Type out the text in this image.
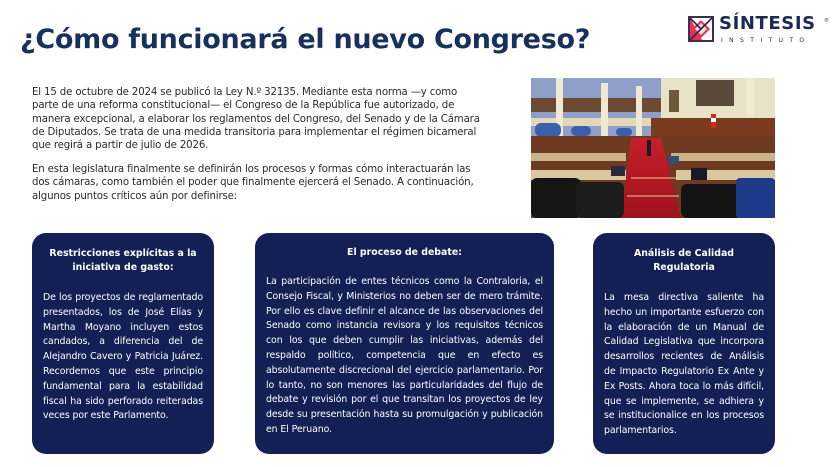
¿Cómo funcionará el nuevo Congreso?
SÍNTESIS ®
INSTITUTO

El 15 de octubre de 2024 se publicó la Ley N.º 32135. Mediante esta norma —y como parte de una reforma constitucional— el Congreso de la República fue autorizado, de manera excepcional, a elaborar los reglamentos del Congreso, del Senado y de la Cámara de Diputados. Se trata de una medida transitoria para implementar el régimen bicameral que regirá a partir de julio de 2026.

En esta legislatura finalmente se definirán los procesos y formas cómo interactuarán las dos cámaras, como también el poder que finalmente ejercerá el Senado. A continuación, algunos puntos críticos aún por definirse:

Restricciones explícitas a la iniciativa de gasto:
De los proyectos de reglamentado presentados, los de José Elías y Martha Moyano incluyen estos candados, a diferencia del de Alejandro Cavero y Patricia Juárez. Recordemos que este principio fundamental para la estabilidad fiscal ha sido perforado reiteradas veces por este Parlamento.
El proceso de debate:
La participación de entes técnicos como la Contraloria, el Consejo Fiscal, y Ministerios no deben ser de mero trámite. Por ello es clave definir el alcance de las observaciones del Senado como instancia revisora y los requisitos técnicos con los que deben cumplir las iniciativas, además del respaldo político, competencia que en efecto es absolutamente discrecional del ejercicio parlamentario. Por lo tanto, no son menores las particularidades del flujo de debate y revisión por el que transitan los proyectos de ley desde su presentación hasta su promulgación y publicación en El Peruano.
Análisis de Calidad Regulatoria
La mesa directiva saliente ha hecho un importante esfuerzo con la elaboración de un Manual de Calidad Legislativa que incorpora desarrollos recientes de Análisis de Impacto Regulatorio Ex Ante y Ex Posts. Ahora toca lo más difícil, que se implemente, se adhiera y se institucionalice en los procesos parlamentarios.
